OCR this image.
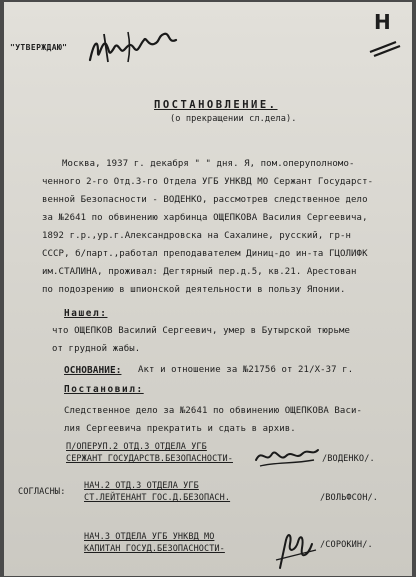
"УТВЕРЖДАЮ"
Н
ПОСТАНОВЛЕНИЕ.
(о прекращении сл.дела).
Москва, 1937 г. декабря " " дня. Я, пом.оперуполномо-
ченного 2-го Отд.3-го Отдела УГБ УНКВД МО Сержант Государст-
венной Безопасности - ВОДЕНКО, рассмотрев следственное дело
за №2641 по обвинению харбинца ОЩЕПКОВА Василия Сергеевича,
1892 г.р.,ур.г.Александровска на Сахалине, русский, гр-н
СССР, б/парт.,работал преподавателем Диниц-до ин-та ГЦОЛИФК
им.СТАЛИНА, проживал: Дегтярный пер.д.5, кв.21. Арестован
по подозрению в шпионской деятельности в пользу Японии.
Нашел:
что ОЩЕПКОВ Василий Сергеевич, умер в Бутырской тюрьме
от грудной жабы.
ОСНОВАНИЕ: Акт и отношение за №21756 от 21/X-37 г.
Постановил:
Следственное дело за №2641 по обвинению ОЩЕПКОВА Васи-
лия Сергеевича прекратить и сдать в архив.
П/ОПЕРУП.2 ОТД.3 ОТДЕЛА УГБ
СЕРЖАНТ ГОСУДАРСТВ.БЕЗОПАСНОСТИ-	/ВОДЕНКО/.
СОГЛАСНЫ:
НАЧ.2 ОТД.3 ОТДЕЛА УГБ
СТ.ЛЕЙТЕНАНТ ГОС.Д.БЕЗОПАСН.	/ВОЛЬФСОН/.
НАЧ.3 ОТДЕЛА УГБ УНКВД МО
КАПИТАН ГОСУД.БЕЗОПАСНОСТИ-	/СОРОКИН/.
